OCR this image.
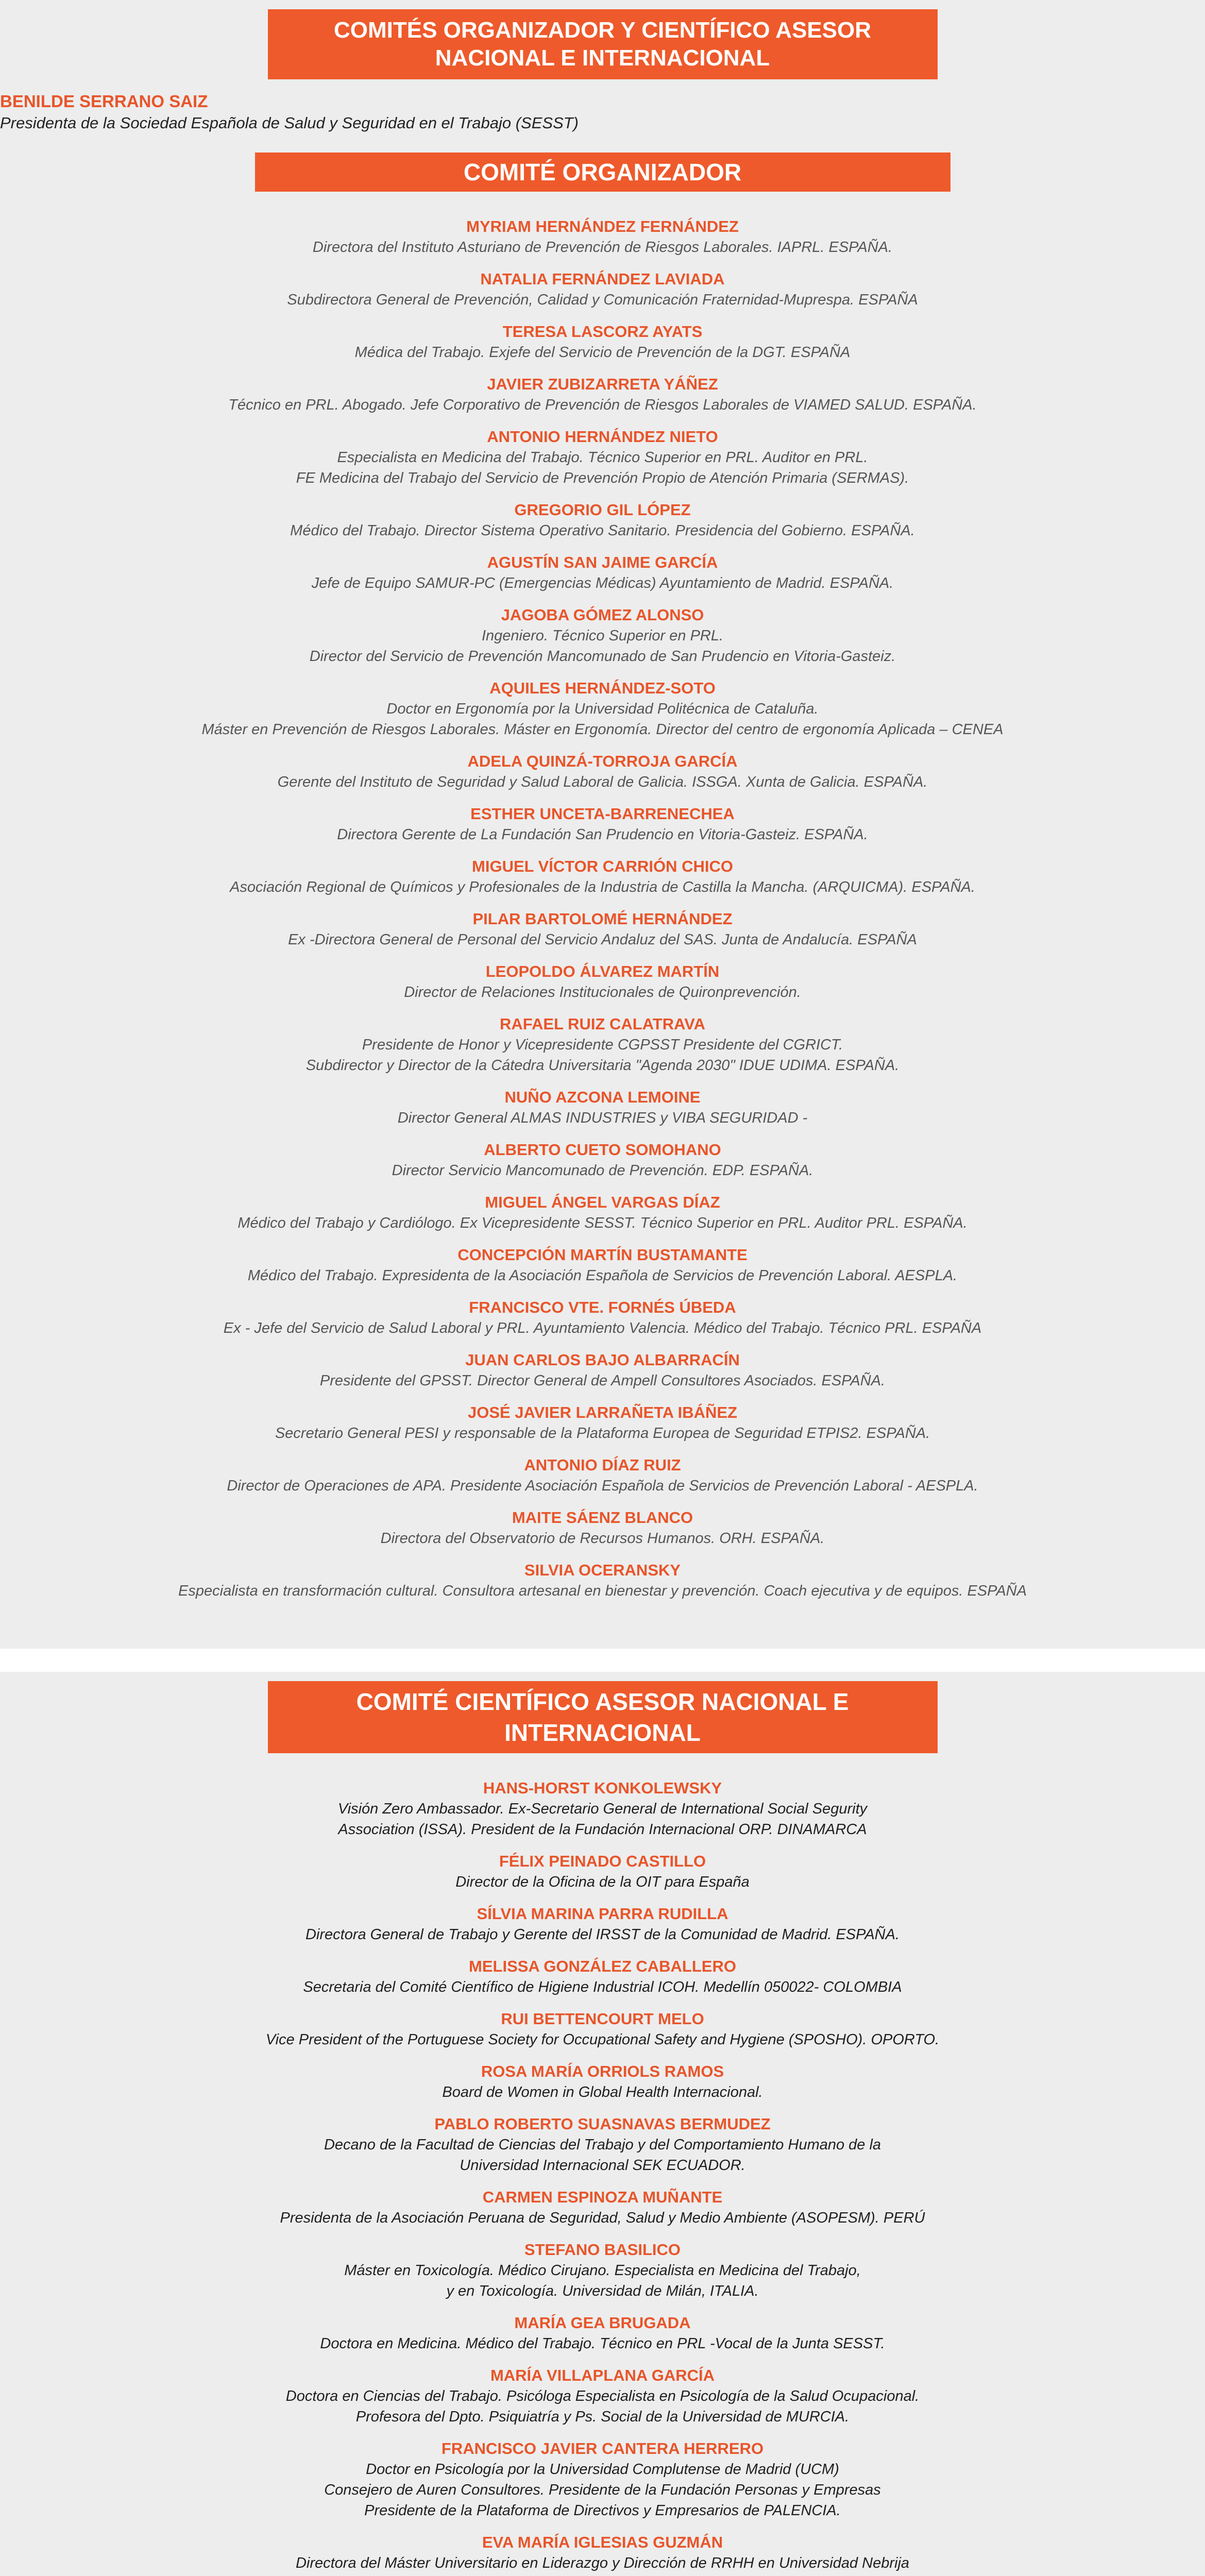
COMITÉS ORGANIZADOR Y CIENTÍFICO ASESOR
NACIONAL E INTERNACIONAL
BENILDE SERRANO SAIZ
Presidenta de la Sociedad Española de Salud y Seguridad en el Trabajo (SESST)
COMITÉ ORGANIZADOR
MYRIAM HERNÁNDEZ FERNÁNDEZ
Directora del Instituto Asturiano de Prevención de Riesgos Laborales. IAPRL. ESPAÑA.
NATALIA FERNÁNDEZ LAVIADA
Subdirectora General de Prevención, Calidad y Comunicación Fraternidad-Muprespa. ESPAÑA
TERESA LASCORZ AYATS
Médica del Trabajo. Exjefe del Servicio de Prevención de la DGT. ESPAÑA
JAVIER ZUBIZARRETA YÁÑEZ
Técnico en PRL. Abogado. Jefe Corporativo de Prevención de Riesgos Laborales de VIAMED SALUD. ESPAÑA.
ANTONIO HERNÁNDEZ NIETO
Especialista en Medicina del Trabajo. Técnico Superior en PRL. Auditor en PRL.
FE Medicina del Trabajo del Servicio de Prevención Propio de Atención Primaria (SERMAS).
GREGORIO GIL LÓPEZ
Médico del Trabajo. Director Sistema Operativo Sanitario. Presidencia del Gobierno. ESPAÑA.
AGUSTÍN SAN JAIME GARCÍA
Jefe de Equipo SAMUR-PC (Emergencias Médicas) Ayuntamiento de Madrid. ESPAÑA.
JAGOBA GÓMEZ ALONSO
Ingeniero. Técnico Superior en PRL.
Director del Servicio de Prevención Mancomunado de San Prudencio en Vitoria-Gasteiz.
AQUILES HERNÁNDEZ-SOTO
Doctor en Ergonomía por la Universidad Politécnica de Cataluña.
Máster en Prevención de Riesgos Laborales. Máster en Ergonomía. Director del centro de ergonomía Aplicada – CENEA
ADELA QUINZÁ-TORROJA GARCÍA
Gerente del Instituto de Seguridad y Salud Laboral de Galicia. ISSGA. Xunta de Galicia. ESPAÑA.
ESTHER UNCETA-BARRENECHEA
Directora Gerente de La Fundación San Prudencio en Vitoria-Gasteiz. ESPAÑA.
MIGUEL VÍCTOR CARRIÓN CHICO
Asociación Regional de Químicos y Profesionales de la Industria de Castilla la Mancha. (ARQUICMA). ESPAÑA.
PILAR BARTOLOMÉ HERNÁNDEZ
Ex -Directora General de Personal del Servicio Andaluz del SAS. Junta de Andalucía. ESPAÑA
LEOPOLDO ÁLVAREZ MARTÍN
Director de Relaciones Institucionales de Quironprevención.
RAFAEL RUIZ CALATRAVA
Presidente de Honor y Vicepresidente CGPSST Presidente del CGRICT.
Subdirector y Director de la Cátedra Universitaria "Agenda 2030" IDUE UDIMA. ESPAÑA.
NUÑO AZCONA LEMOINE
Director General ALMAS INDUSTRIES y VIBA SEGURIDAD -
ALBERTO CUETO SOMOHANO
Director Servicio Mancomunado de Prevención. EDP. ESPAÑA.
MIGUEL ÁNGEL VARGAS DÍAZ
Médico del Trabajo y Cardiólogo. Ex Vicepresidente SESST. Técnico Superior en PRL. Auditor PRL. ESPAÑA.
CONCEPCIÓN MARTÍN BUSTAMANTE
Médico del Trabajo. Expresidenta de la Asociación Española de Servicios de Prevención Laboral. AESPLA.
FRANCISCO VTE. FORNÉS ÚBEDA
Ex - Jefe del Servicio de Salud Laboral y PRL. Ayuntamiento Valencia. Médico del Trabajo. Técnico PRL. ESPAÑA
JUAN CARLOS BAJO ALBARRACÍN
Presidente del GPSST. Director General de Ampell Consultores Asociados. ESPAÑA.
JOSÉ JAVIER LARRAÑETA IBÁÑEZ
Secretario General PESI y responsable de la Plataforma Europea de Seguridad ETPIS2. ESPAÑA.
ANTONIO DÍAZ RUIZ
Director de Operaciones de APA. Presidente Asociación Española de Servicios de Prevención Laboral - AESPLA.
MAITE SÁENZ BLANCO
Directora del Observatorio de Recursos Humanos. ORH. ESPAÑA.
SILVIA OCERANSKY
Especialista en transformación cultural. Consultora artesanal en bienestar y prevención. Coach ejecutiva y de equipos. ESPAÑA
COMITÉ CIENTÍFICO ASESOR NACIONAL E INTERNACIONAL
HANS-HORST KONKOLEWSKY
Visión Zero Ambassador. Ex-Secretario General de International Social Segurity
Association (ISSA). President de la Fundación Internacional ORP. DINAMARCA
FÉLIX PEINADO CASTILLO
Director de la Oficina de la OIT para España
SÍLVIA MARINA PARRA RUDILLA
Directora General de Trabajo y Gerente del IRSST de la Comunidad de Madrid. ESPAÑA.
MELISSA GONZÁLEZ CABALLERO
Secretaria del Comité Científico de Higiene Industrial ICOH. Medellín 050022- COLOMBIA
RUI BETTENCOURT MELO
Vice President of the Portuguese Society for Occupational Safety and Hygiene (SPOSHO). OPORTO.
ROSA MARÍA ORRIOLS RAMOS
Board de Women in Global Health Internacional.
PABLO ROBERTO SUASNAVAS BERMUDEZ
Decano de la Facultad de Ciencias del Trabajo y del Comportamiento Humano de la
Universidad Internacional SEK ECUADOR.
CARMEN ESPINOZA MUÑANTE
Presidenta de la Asociación Peruana de Seguridad, Salud y Medio Ambiente (ASOPESM). PERÚ
STEFANO BASILICO
Máster en Toxicología. Médico Cirujano. Especialista en Medicina del Trabajo,
y en Toxicología. Universidad de Milán, ITALIA.
MARÍA GEA BRUGADA
Doctora en Medicina. Médico del Trabajo. Técnico en PRL -Vocal de la Junta SESST.
MARÍA VILLAPLANA GARCÍA
Doctora en Ciencias del Trabajo. Psicóloga Especialista en Psicología de la Salud Ocupacional.
Profesora del Dpto. Psiquiatría y Ps. Social de la Universidad de MURCIA.
FRANCISCO JAVIER CANTERA HERRERO
Doctor en Psicología por la Universidad Complutense de Madrid (UCM)
Consejero de Auren Consultores. Presidente de la Fundación Personas y Empresas
Presidente de la Plataforma de Directivos y Empresarios de PALENCIA.
EVA MARÍA IGLESIAS GUZMÁN
Directora del Máster Universitario en Liderazgo y Dirección de RRHH en Universidad Nebrija
